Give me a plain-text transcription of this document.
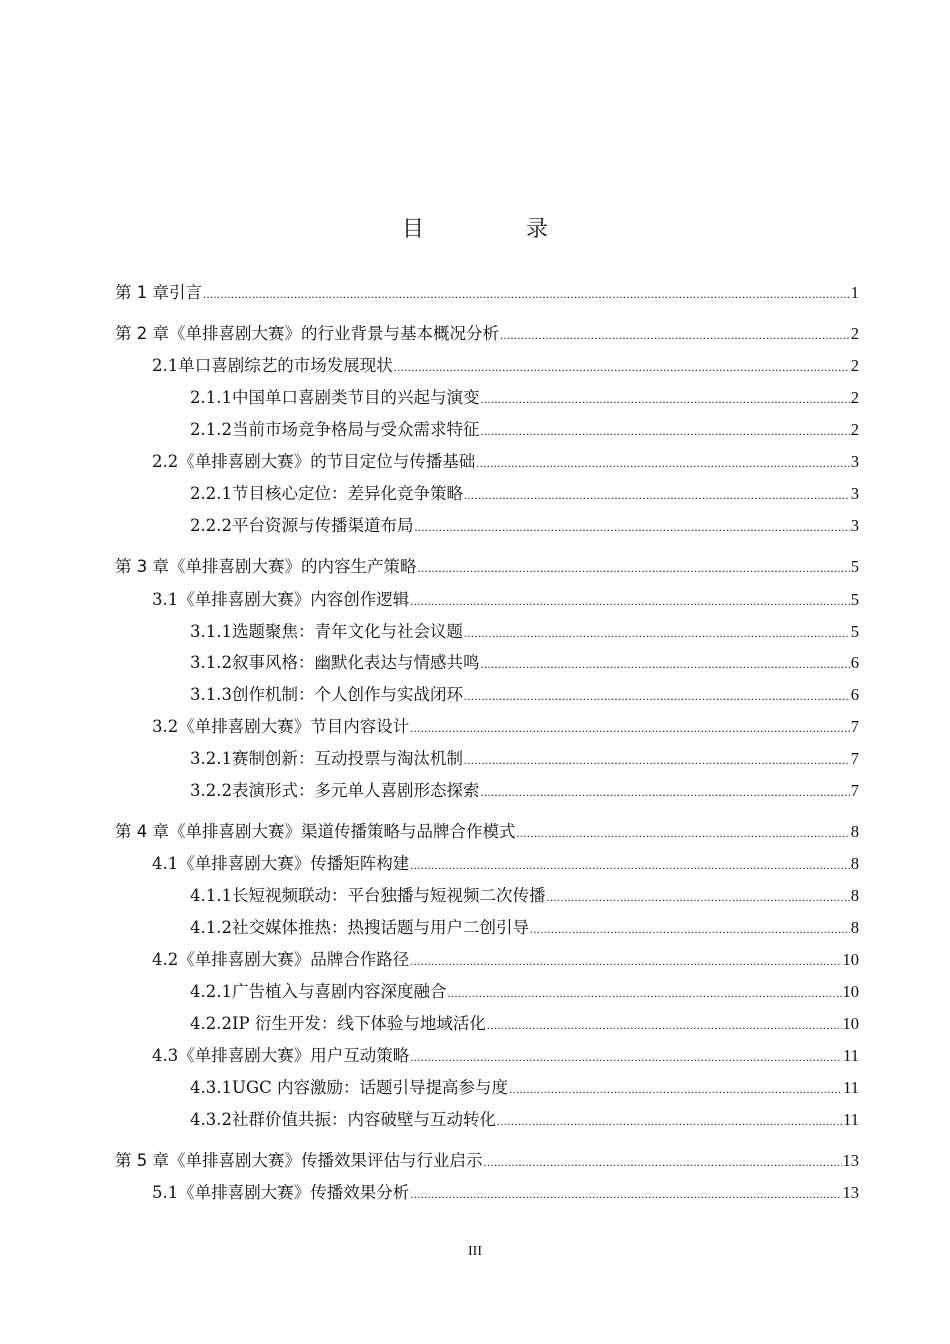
目　录
第 1 章 引言 .....	1
第 2 章 《单排喜剧大赛》的行业背景与基本概况分析 .....	2
2.1 单口喜剧综艺的市场发展现状 .....	2
2.1.1 中国单口喜剧类节目的兴起与演变 .....	2
2.1.2 当前市场竞争格局与受众需求特征 .....	2
2.2 《单排喜剧大赛》的节目定位与传播基础 .....	3
2.2.1 节目核心定位：差异化竞争策略 .....	3
2.2.2 平台资源与传播渠道布局 .....	3
第 3 章 《单排喜剧大赛》的内容生产策略 .....	5
3.1 《单排喜剧大赛》内容创作逻辑 .....	5
3.1.1 选题聚焦：青年文化与社会议题 .....	5
3.1.2 叙事风格：幽默化表达与情感共鸣 .....	6
3.1.3 创作机制：个人创作与实战闭环 .....	6
3.2 《单排喜剧大赛》节目内容设计 .....	7
3.2.1 赛制创新：互动投票与淘汰机制 .....	7
3.2.2 表演形式：多元单人喜剧形态探索 .....	7
第 4 章 《单排喜剧大赛》渠道传播策略与品牌合作模式 .....	8
4.1 《单排喜剧大赛》传播矩阵构建 .....	8
4.1.1 长短视频联动：平台独播与短视频二次传播 .....	8
4.1.2 社交媒体推热：热搜话题与用户二创引导 .....	8
4.2 《单排喜剧大赛》品牌合作路径 .....	10
4.2.1 广告植入与喜剧内容深度融合 .....	10
4.2.2 IP 衍生开发：线下体验与地域活化 .....	10
4.3 《单排喜剧大赛》用户互动策略 .....	11
4.3.1 UGC 内容激励：话题引导提高参与度 .....	11
4.3.2 社群价值共振：内容破壁与互动转化 .....	11
第 5 章 《单排喜剧大赛》传播效果评估与行业启示 .....	13
5.1 《单排喜剧大赛》传播效果分析 .....	13
III
